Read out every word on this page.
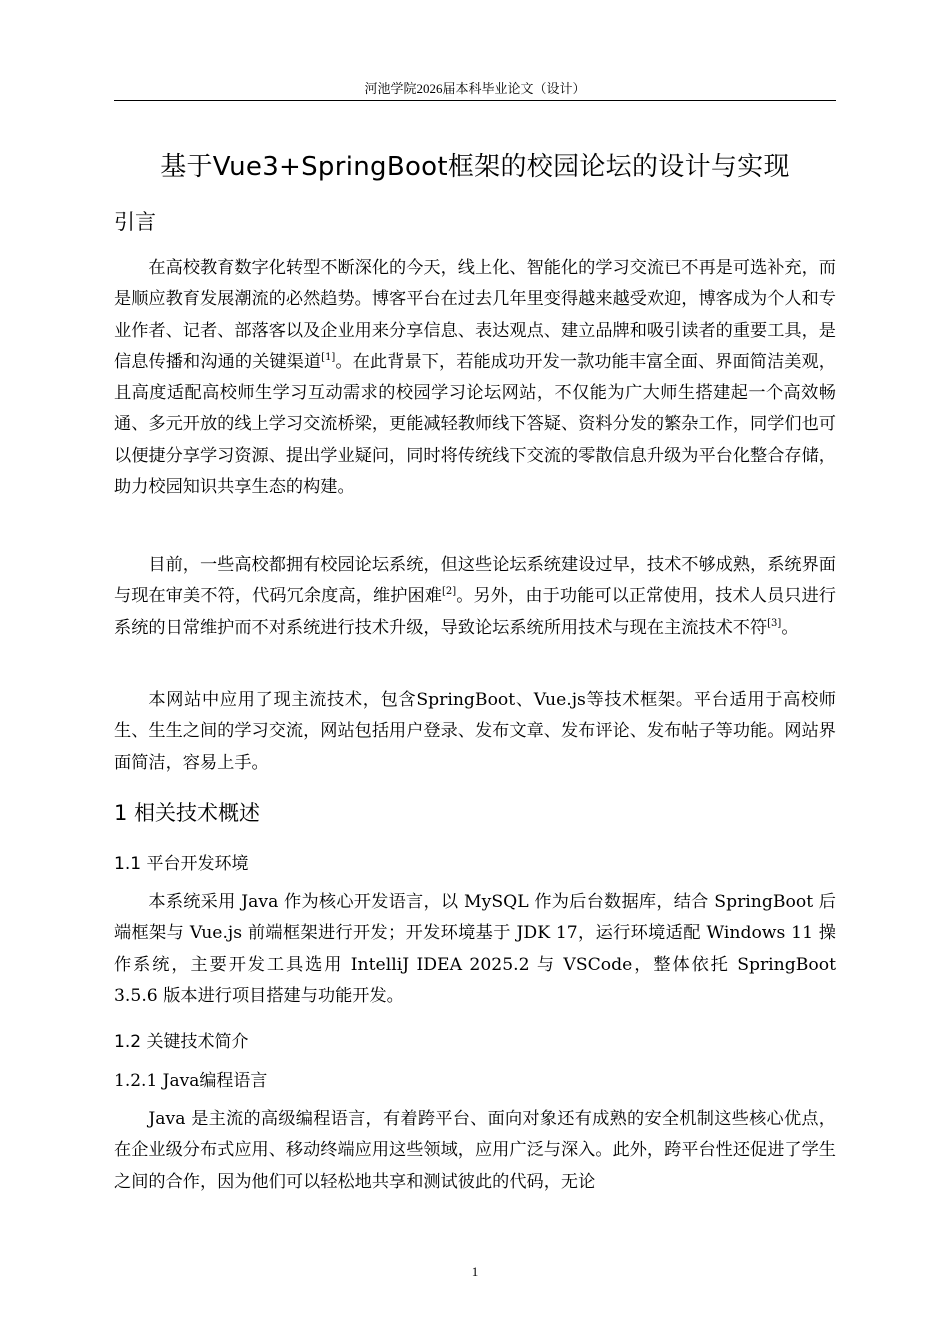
河池学院2026届本科毕业论文（设计）
基于Vue3+SpringBoot框架的校园论坛的设计与实现
引言
在高校教育数字化转型不断深化的今天，线上化、智能化的学习交流已不再是可选补充，而是顺应教育发展潮流的必然趋势。博客平台在过去几年里变得越来越受欢迎，博客成为个人和专业作者、记者、部落客以及企业用来分享信息、表达观点、建立品牌和吸引读者的重要工具，是信息传播和沟通的关键渠道[1]。在此背景下，若能成功开发一款功能丰富全面、界面简洁美观，且高度适配高校师生学习互动需求的校园学习论坛网站，不仅能为广大师生搭建起一个高效畅通、多元开放的线上学习交流桥梁，更能减轻教师线下答疑、资料分发的繁杂工作，同学们也可以便捷分享学习资源、提出学业疑问，同时将传统线下交流的零散信息升级为平台化整合存储，助力校园知识共享生态的构建。
目前，一些高校都拥有校园论坛系统，但这些论坛系统建设过早，技术不够成熟，系统界面与现在审美不符，代码冗余度高，维护困难[2]。另外，由于功能可以正常使用，技术人员只进行系统的日常维护而不对系统进行技术升级，导致论坛系统所用技术与现在主流技术不符[3]。
本网站中应用了现主流技术，包含SpringBoot、Vue.js等技术框架。平台适用于高校师生、生生之间的学习交流，网站包括用户登录、发布文章、发布评论、发布帖子等功能。网站界面简洁，容易上手。
1 相关技术概述
1.1 平台开发环境
本系统采用 Java 作为核心开发语言，以 MySQL 作为后台数据库，结合 SpringBoot 后端框架与 Vue.js 前端框架进行开发；开发环境基于 JDK 17，运行环境适配 Windows 11 操作系统，主要开发工具选用 IntelliJ IDEA 2025.2 与 VSCode，整体依托 SpringBoot 3.5.6 版本进行项目搭建与功能开发。
1.2 关键技术简介
1.2.1 Java编程语言
Java 是主流的高级编程语言，有着跨平台、面向对象还有成熟的安全机制这些核心优点，在企业级分布式应用、移动终端应用这些领域，应用广泛与深入。此外，跨平台性还促进了学生之间的合作，因为他们可以轻松地共享和测试彼此的代码，无论
1
